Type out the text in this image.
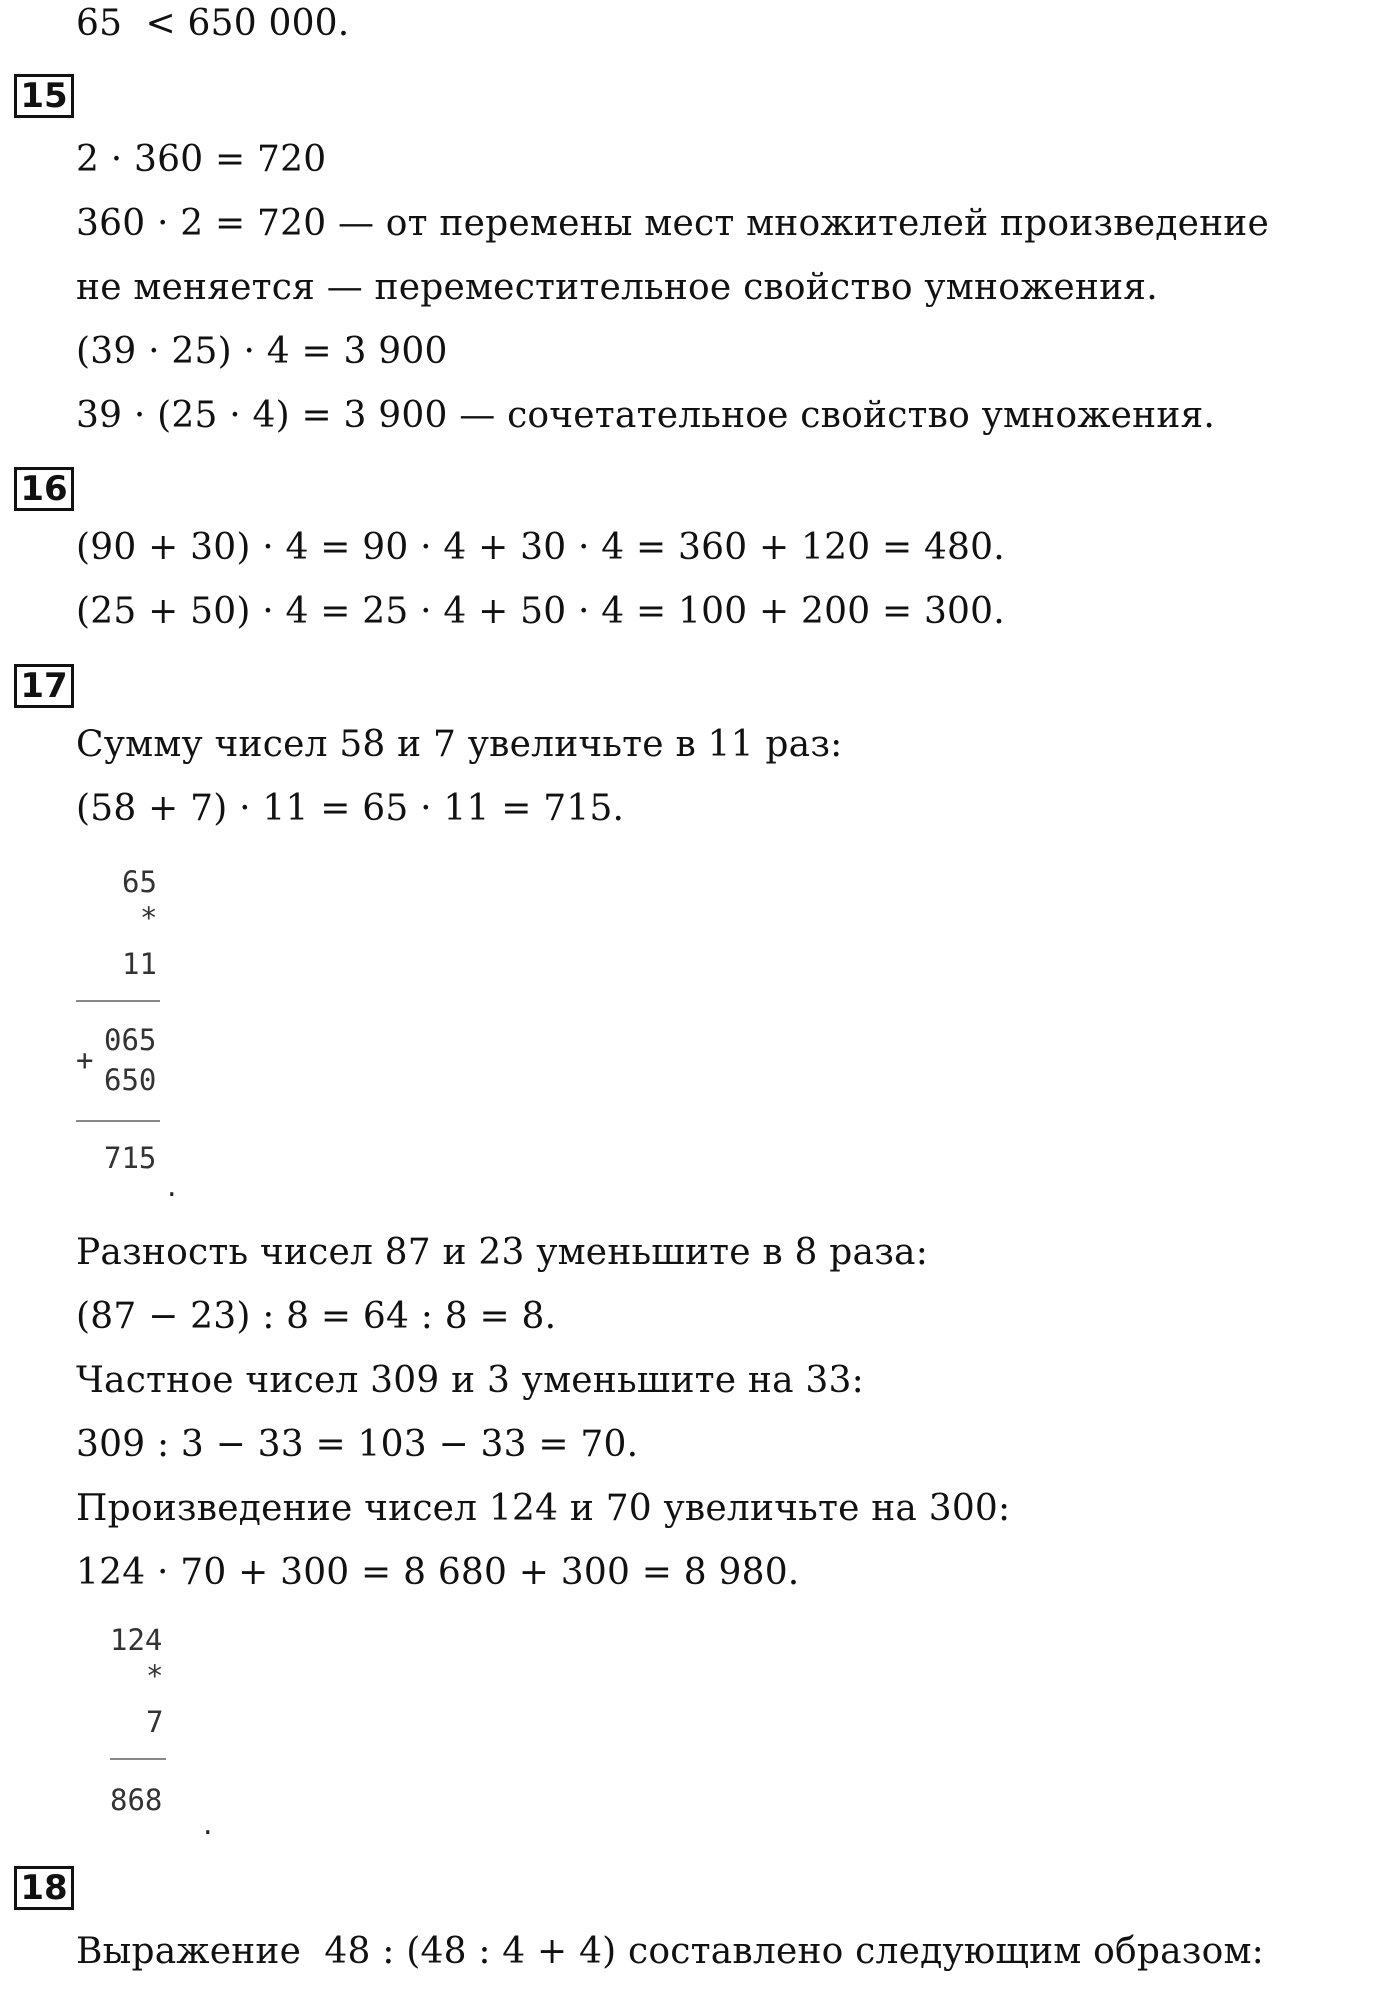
65  < 650 000.
15
2 · 360 = 720
360 · 2 = 720 — от перемены мест множителей произведение
не меняется — переместительное свойство умножения.
(39 · 25) · 4 = 3 900
39 · (25 · 4) = 3 900 — сочетательное свойство умножения.
16
(90 + 30) · 4 = 90 · 4 + 30 · 4 = 360 + 120 = 480.
(25 + 50) · 4 = 25 · 4 + 50 · 4 = 100 + 200 = 300.
17
Сумму чисел 58 и 7 увеличьте в 11 раз:
(58 + 7) · 11 = 65 · 11 = 715.
65
*
11
065
+
650
715
.
Разность чисел 87 и 23 уменьшите в 8 раза:
(87 − 23) : 8 = 64 : 8 = 8.
Частное чисел 309 и 3 уменьшите на 33:
309 : 3 − 33 = 103 − 33 = 70.
Произведение чисел 124 и 70 увеличьте на 300:
124 · 70 + 300 = 8 680 + 300 = 8 980.
124
*
7
868
.
18
Выражение  48 : (48 : 4 + 4) составлено следующим образом:
